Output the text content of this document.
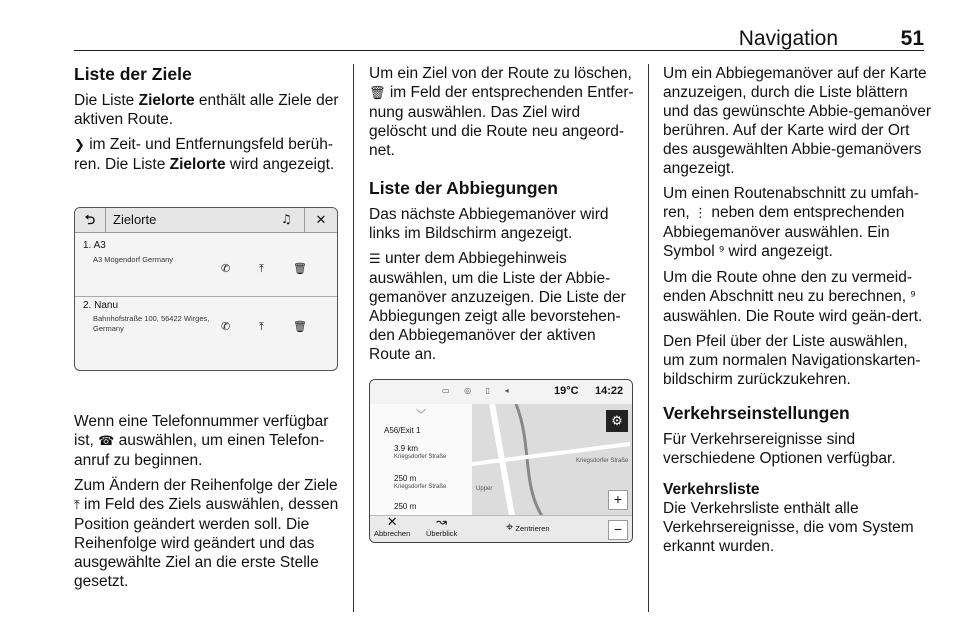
Navigation	51
Liste der Ziele

Die Liste Zielorte enthält alle Ziele der aktiven Route.

❯ im Zeit- und Entfernungsfeld berüh-ren. Die Liste Zielorte wird angezeigt.

Wenn eine Telefonnummer verfügbar ist, ☎ auswählen, um einen Telefon-anruf zu beginnen.

Zum Ändern der Reihenfolge der Ziele ⤒ im Feld des Ziels auswählen, dessen Position geändert werden soll. Die Reihenfolge wird geändert und das ausgewählte Ziel an die erste Stelle gesetzt.

⮌	Zielorte	♫	✕
1. A3
A3 Mogendorf Germany
✆	⤒	🗑
2. Nanu
Bahnhofstraße 100, 56422 Wirges,
Germany	✆	⤒	🗑

Um ein Ziel von der Route zu löschen, 🗑 im Feld der entsprechenden Entfer-nung auswählen. Das Ziel wird gelöscht und die Route neu angeord-net.

Liste der Abbiegungen

Das nächste Abbiegemanöver wird links im Bildschirm angezeigt.

☰ unter dem Abbiegehinweis auswählen, um die Liste der Abbie-gemanöver anzuzeigen. Die Liste der Abbiegungen zeigt alle bevorstehen-den Abbiegemanöver der aktiven Route an.

▭ ◎ ▯ ◂	19°C 14:22
﹀
A56/Exit 1
3.9 km
Kriegsdorfer Straße
250 m
Kriegsdorfer Straße
250 m
Kriegsdorfer Straße
Upper
⚙
+
✕
Abbrechen
↝
Überblick	⌖ Zentrieren	−

Um ein Abbiegemanöver auf der Karte anzuzeigen, durch die Liste blättern und das gewünschte Abbie-gemanöver berühren. Auf der Karte wird der Ort des ausgewählten Abbie-gemanövers angezeigt.

Um einen Routenabschnitt zu umfah-ren, ⋮ neben dem entsprechenden Abbiegemanöver auswählen. Ein Symbol ⁹ wird angezeigt.

Um die Route ohne den zu vermeid-enden Abschnitt neu zu berechnen, ⁹ auswählen. Die Route wird geän-dert.

Den Pfeil über der Liste auswählen, um zum normalen Navigationskarten-bildschirm zurückzukehren.

Verkehrseinstellungen

Für Verkehrsereignisse sind verschiedene Optionen verfügbar.

Verkehrsliste

Die Verkehrsliste enthält alle Verkehrsereignisse, die vom System erkannt wurden.
